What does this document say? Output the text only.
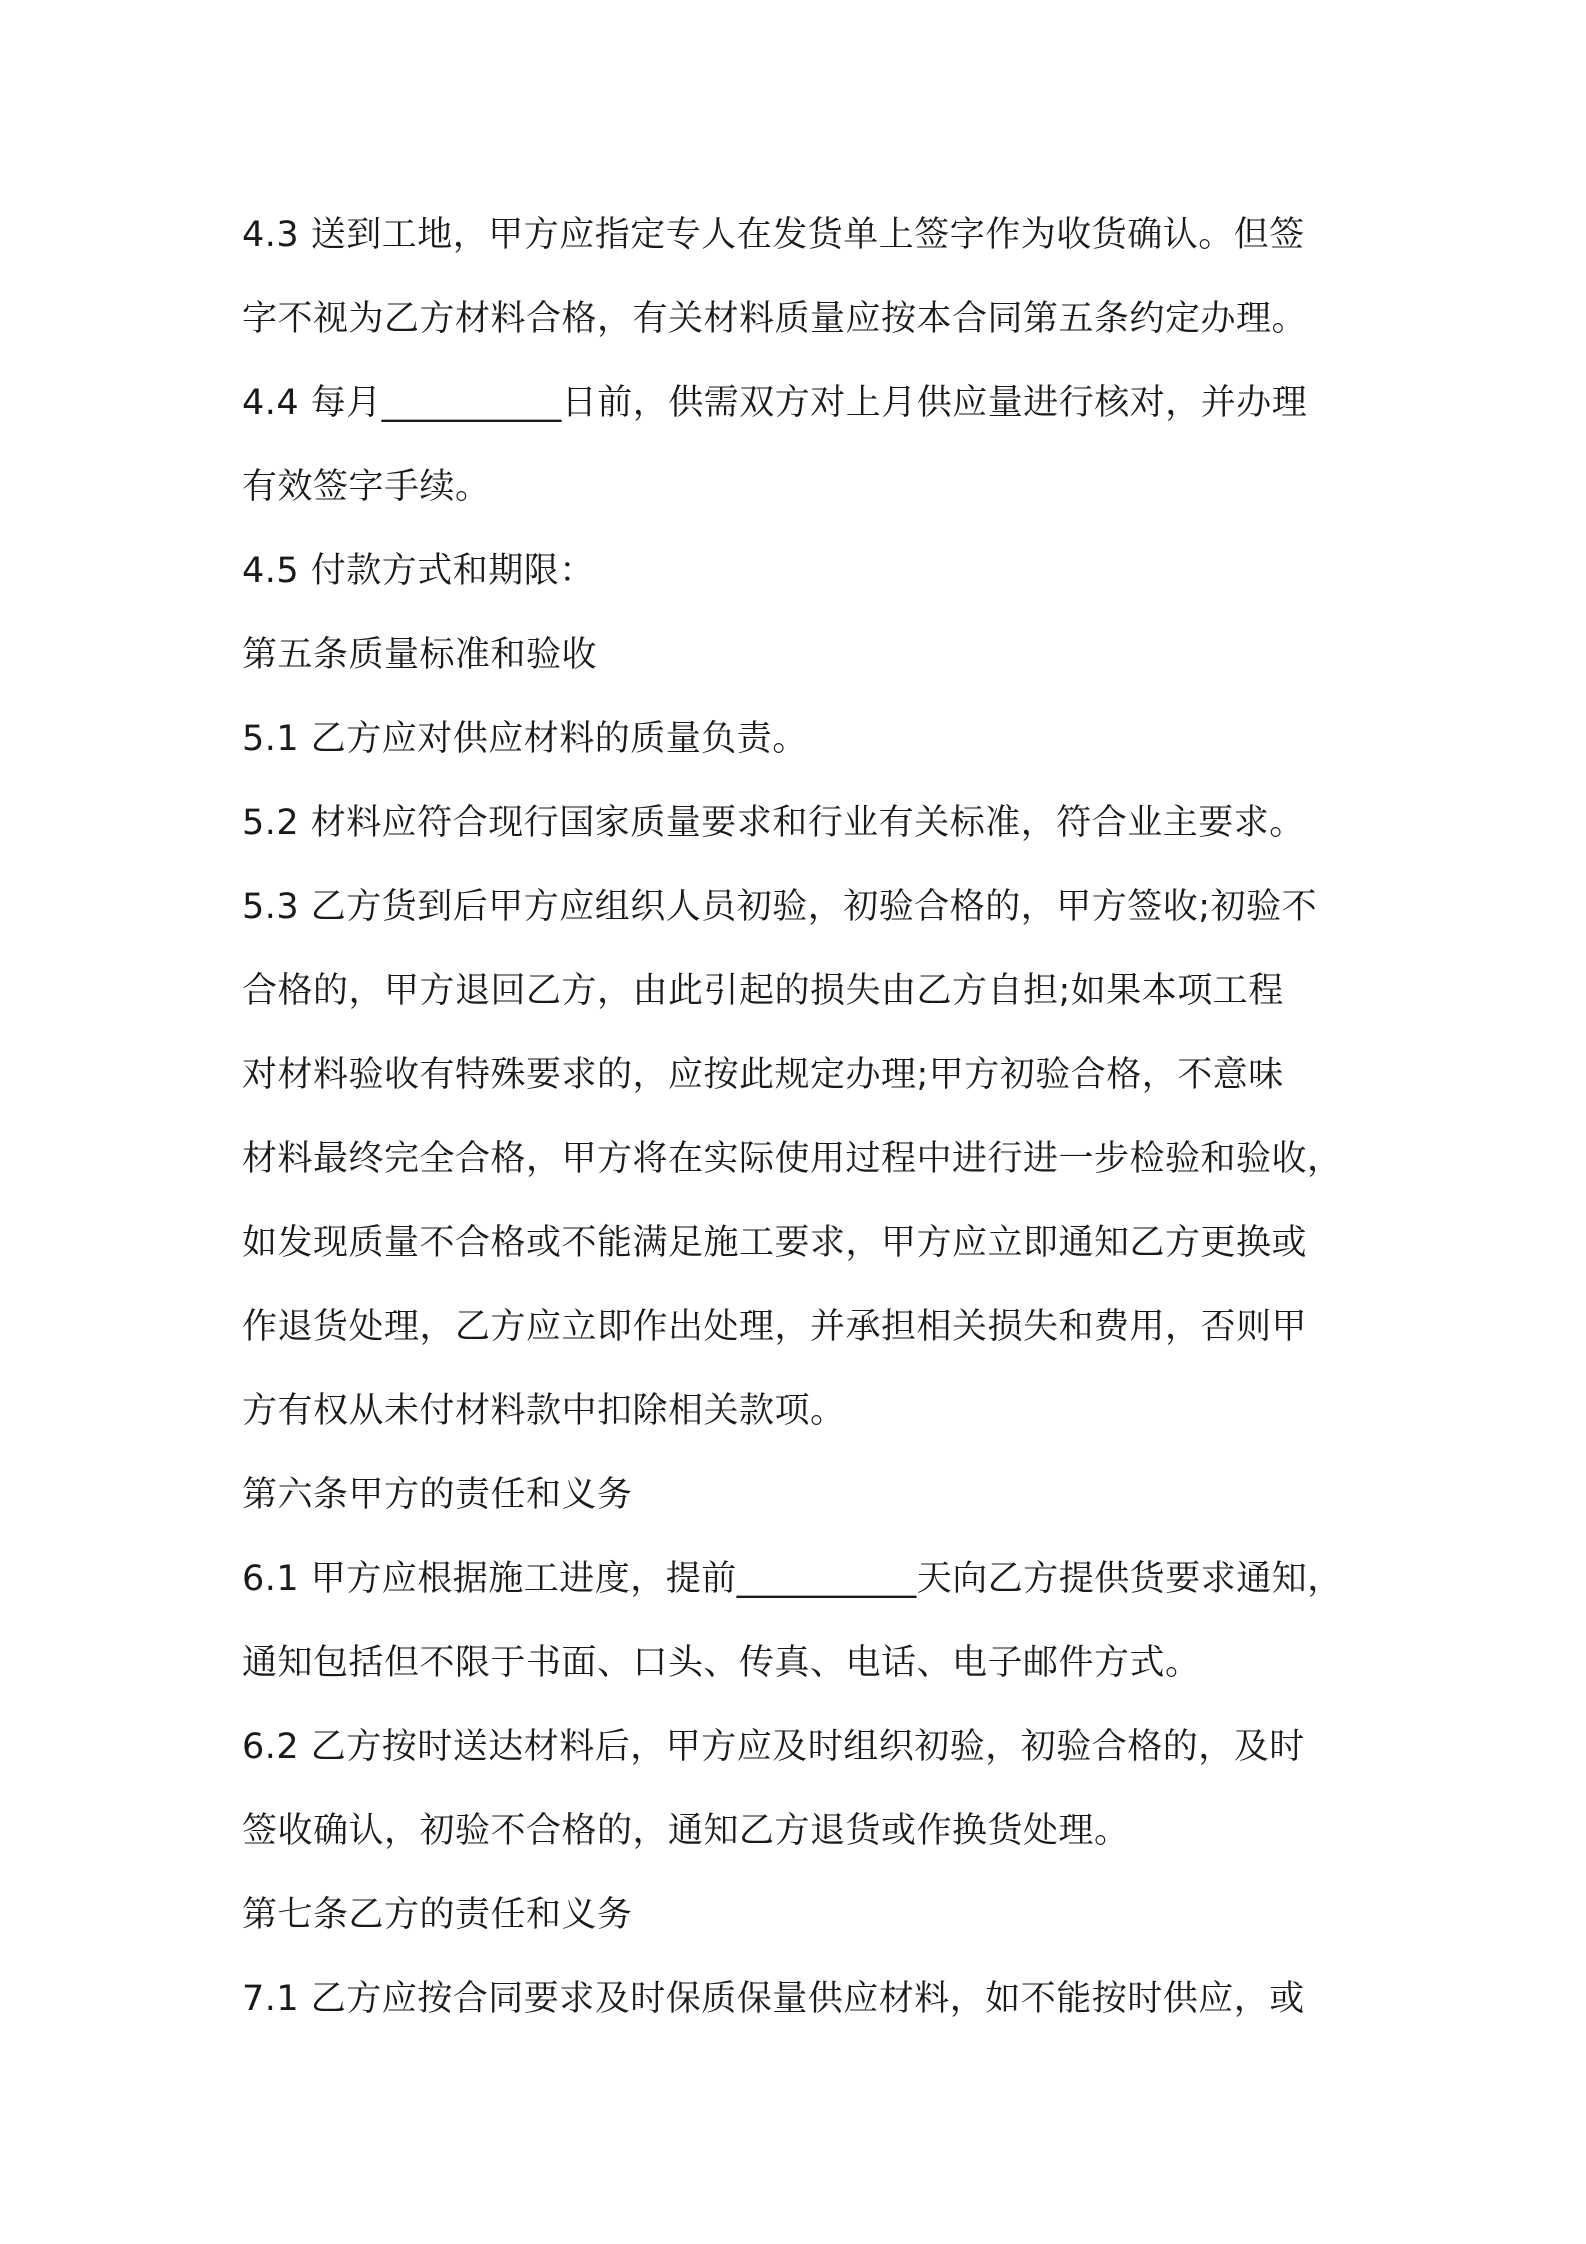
4.3 送到工地，甲方应指定专人在发货单上签字作为收货确认。但签
字不视为乙方材料合格，有关材料质量应按本合同第五条约定办理。
4.4 每月__________日前，供需双方对上月供应量进行核对，并办理
有效签字手续。
4.5 付款方式和期限：
第五条质量标准和验收
5.1 乙方应对供应材料的质量负责。
5.2 材料应符合现行国家质量要求和行业有关标准，符合业主要求。
5.3 乙方货到后甲方应组织人员初验，初验合格的，甲方签收;初验不
合格的，甲方退回乙方，由此引起的损失由乙方自担;如果本项工程
对材料验收有特殊要求的，应按此规定办理;甲方初验合格，不意味
材料最终完全合格，甲方将在实际使用过程中进行进一步检验和验收，
如发现质量不合格或不能满足施工要求，甲方应立即通知乙方更换或
作退货处理，乙方应立即作出处理，并承担相关损失和费用，否则甲
方有权从未付材料款中扣除相关款项。
第六条甲方的责任和义务
6.1 甲方应根据施工进度，提前__________天向乙方提供货要求通知，
通知包括但不限于书面、口头、传真、电话、电子邮件方式。
6.2 乙方按时送达材料后，甲方应及时组织初验，初验合格的，及时
签收确认，初验不合格的，通知乙方退货或作换货处理。
第七条乙方的责任和义务
7.1 乙方应按合同要求及时保质保量供应材料，如不能按时供应，或
